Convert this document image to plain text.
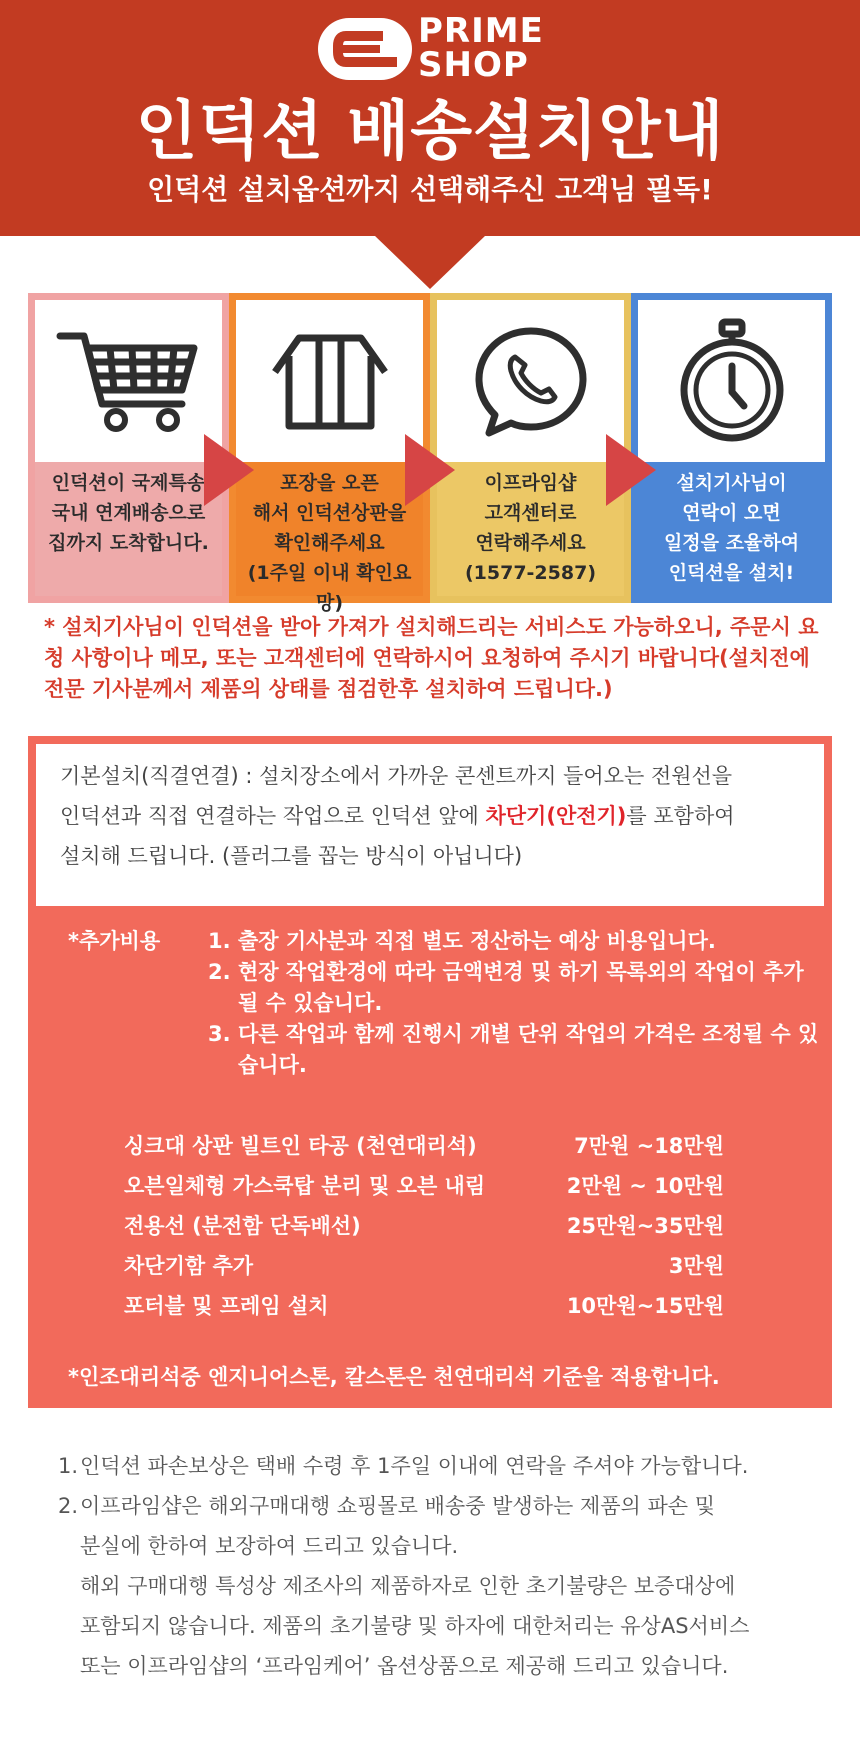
PRIME
SHOP
인덕션 배송설치안내
인덕션 설치옵션까지 선택해주신 고객님 필독!
인덕션이 국제특송
국내 연계배송으로
집까지 도착합니다.
포장을 오픈
해서 인덕션상판을
확인해주세요
(1주일 이내 확인요망)
이프라임샵
고객센터로
연락해주세요
(1577-2587)
설치기사님이
연락이 오면
일정을 조율하여
인덕션을 설치!
* 설치기사님이 인덕션을 받아 가져가 설치해드리는 서비스도 가능하오니, 주문시 요청 사항이나 메모, 또는 고객센터에 연락하시어 요청하여 주시기 바랍니다(설치전에 전문 기사분께서 제품의 상태를 점검한후 설치하여 드립니다.)
기본설치(직결연결) : 설치장소에서 가까운 콘센트까지 들어오는 전원선을
인덕션과 직접 연결하는 작업으로 인덕션 앞에 차단기(안전기)를 포함하여
설치해 드립니다. (플러그를 꼽는 방식이 아닙니다)
*추가비용 1. 출장 기사분과 직접 별도 정산하는 예상 비용입니다.
2. 현장 작업환경에 따라 금액변경 및 하기 목록외의 작업이 추가 될 수 있습니다.
3. 다른 작업과 함께 진행시 개별 단위 작업의 가격은 조정될 수 있습니다.
싱크대 상판 빌트인 타공 (천연대리석)	7만원 ~18만원
오븐일체형 가스쿡탑 분리 및 오븐 내림	2만원 ~ 10만원
전용선 (분전함 단독배선)	25만원~35만원
차단기함 추가	3만원
포터블 및 프레임 설치	10만원~15만원
*인조대리석중 엔지니어스톤, 칼스톤은 천연대리석 기준을 적용합니다.
1. 인덕션 파손보상은 택배 수령 후 1주일 이내에 연락을 주셔야 가능합니다.
2. 이프라임샵은 해외구매대행 쇼핑몰로 배송중 발생하는 제품의 파손 및
분실에 한하여 보장하여 드리고 있습니다.
해외 구매대행 특성상 제조사의 제품하자로 인한 초기불량은 보증대상에
포함되지 않습니다. 제품의 초기불량 및 하자에 대한처리는 유상AS서비스
또는 이프라임샵의 ‘프라임케어’ 옵션상품으로 제공해 드리고 있습니다.
